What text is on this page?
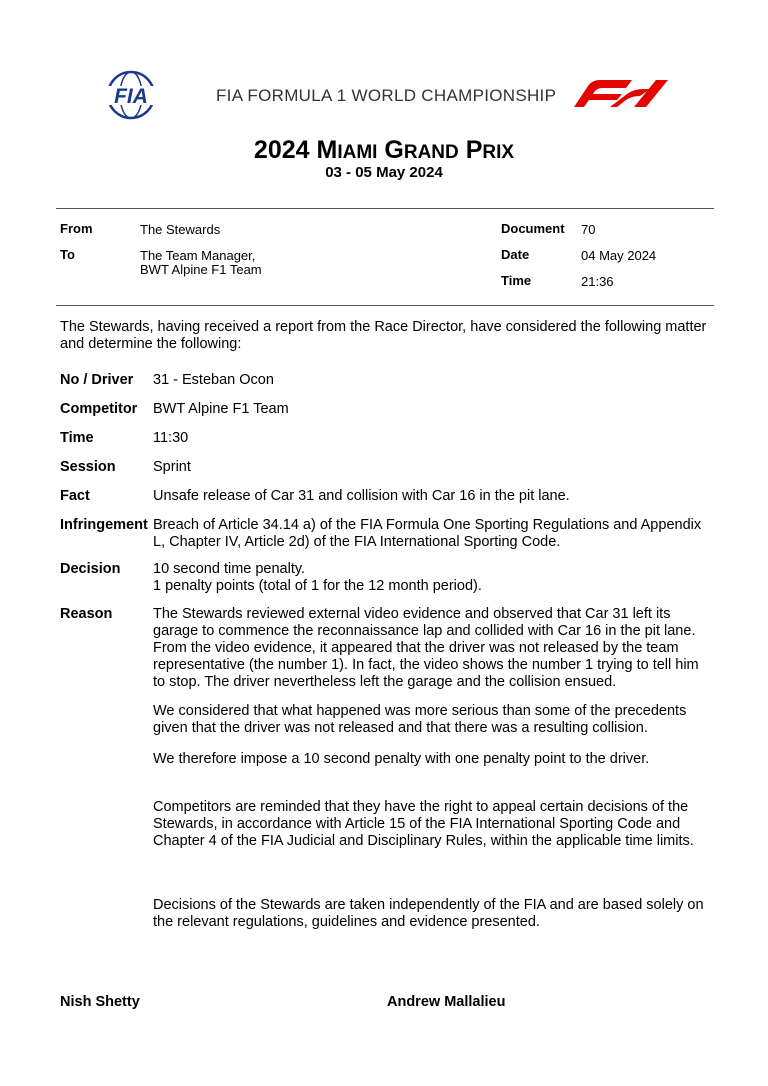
FIA	FIA FORMULA 1 WORLD CHAMPIONSHIP
2024 MIAMI GRAND PRIX
03 - 05 May 2024
From	The Stewards
To	The Team Manager,
BWT Alpine F1 Team
Document 70
Date	04 May 2024
Time	21:36
The Stewards, having received a report from the Race Director, have considered the following matter and determine the following:
No / Driver 31 - Esteban Ocon
Competitor BWT Alpine F1 Team
Time	11:30
Session	Sprint
Fact	Unsafe release of Car 31 and collision with Car 16 in the pit lane.
Infringement Breach of Article 34.14 a) of the FIA Formula One Sporting Regulations and Appendix L, Chapter IV, Article 2d) of the FIA International Sporting Code.
Decision 10 second time penalty.
1 penalty points (total of 1 for the 12 month period).
Reason	The Stewards reviewed external video evidence and observed that Car 31 left its garage to commence the reconnaissance lap and collided with Car 16 in the pit lane. From the video evidence, it appeared that the driver was not released by the team representative (the number 1). In fact, the video shows the number 1 trying to tell him to stop. The driver nevertheless left the garage and the collision ensued.
We considered that what happened was more serious than some of the precedents given that the driver was not released and that there was a resulting collision.
We therefore impose a 10 second penalty with one penalty point to the driver.
Competitors are reminded that they have the right to appeal certain decisions of the Stewards, in accordance with Article 15 of the FIA International Sporting Code and Chapter 4 of the FIA Judicial and Disciplinary Rules, within the applicable time limits.
Decisions of the Stewards are taken independently of the FIA and are based solely on the relevant regulations, guidelines and evidence presented.
Nish Shetty	Andrew Mallalieu
